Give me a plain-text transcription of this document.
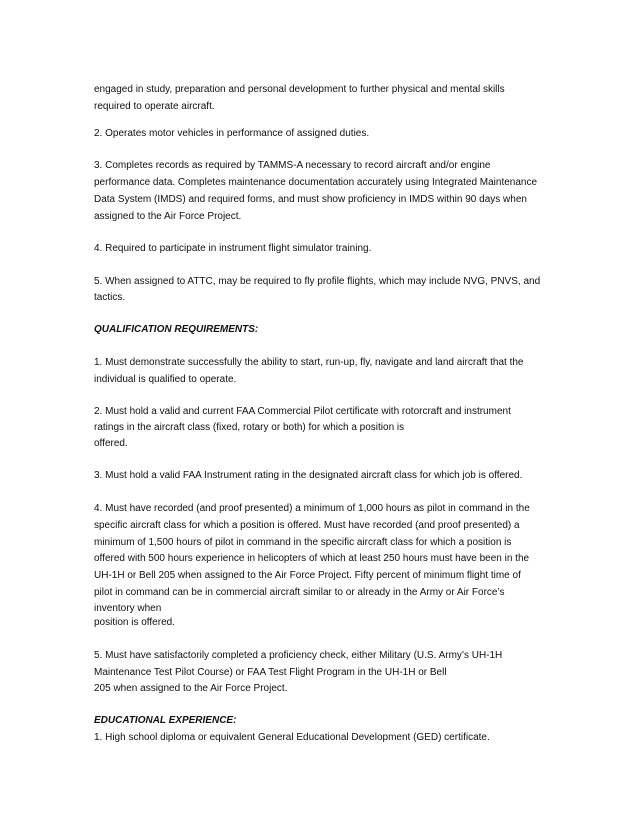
engaged in study, preparation and personal development to further physical and mental skills
required to operate aircraft.
2. Operates motor vehicles in performance of assigned duties.
3. Completes records as required by TAMMS-A necessary to record aircraft and/or engine
performance data. Completes maintenance documentation accurately using Integrated Maintenance
Data System (IMDS) and required forms, and must show proficiency in IMDS within 90 days when
assigned to the Air Force Project.
4. Required to participate in instrument flight simulator training.
5. When assigned to ATTC, may be required to fly profile flights, which may include NVG, PNVS, and
tactics.
QUALIFICATION REQUIREMENTS:
1. Must demonstrate successfully the ability to start, run-up, fly, navigate and land aircraft that the
individual is qualified to operate.
2. Must hold a valid and current FAA Commercial Pilot certificate with rotorcraft and instrument
ratings in the aircraft class (fixed, rotary or both) for which a position is
offered.
3. Must hold a valid FAA Instrument rating in the designated aircraft class for which job is offered.
4. Must have recorded (and proof presented) a minimum of 1,000 hours as pilot in command in the
specific aircraft class for which a position is offered. Must have recorded (and proof presented) a
minimum of 1,500 hours of pilot in command in the specific aircraft class for which a position is
offered with 500 hours experience in helicopters of which at least 250 hours must have been in the
UH-1H or Bell 205 when assigned to the Air Force Project. Fifty percent of minimum flight time of
pilot in command can be in commercial aircraft similar to or already in the Army or Air Force’s
inventory when
position is offered.
5. Must have satisfactorily completed a proficiency check, either Military (U.S. Army’s UH-1H
Maintenance Test Pilot Course) or FAA Test Flight Program in the UH-1H or Bell
205 when assigned to the Air Force Project.
EDUCATIONAL EXPERIENCE:
1. High school diploma or equivalent General Educational Development (GED) certificate.
